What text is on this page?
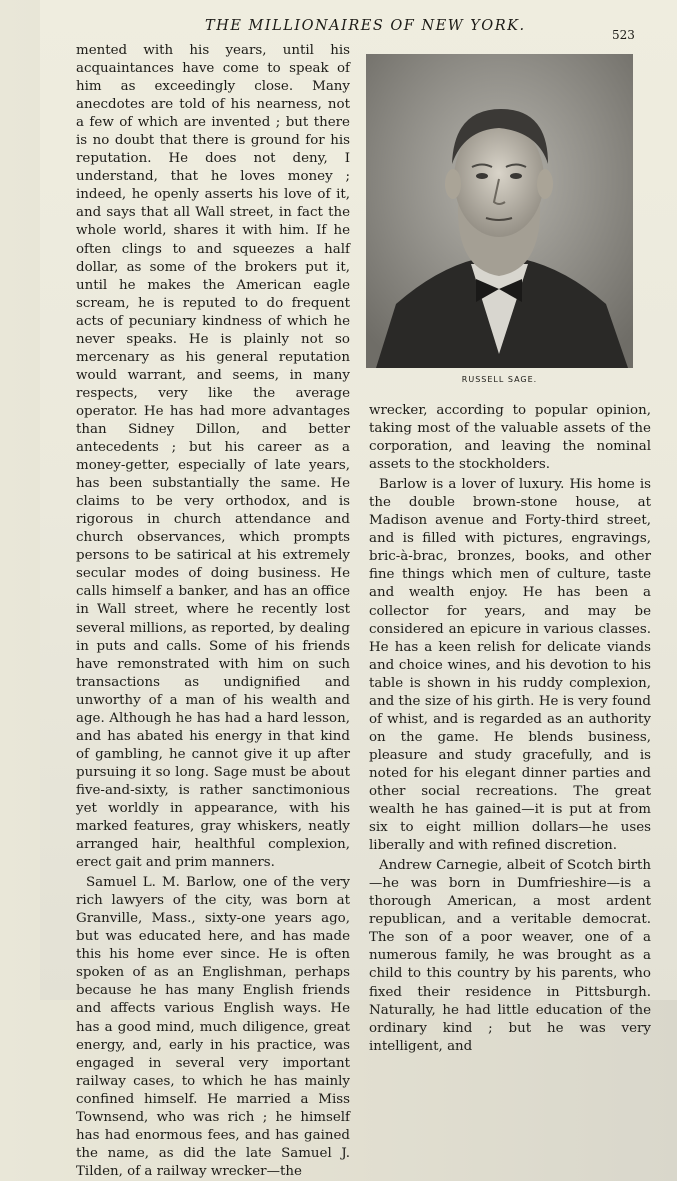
THE MILLIONAIRES OF NEW YORK.
523

mented with his years, until his acquaintances have come to speak of him as exceedingly close. Many anecdotes are told of his nearness, not a few of which are invented ; but there is no doubt that there is ground for his reputation. He does not deny, I understand, that he loves money ; indeed, he openly asserts his love of it, and says that all Wall street, in fact the whole world, shares it with him. If he often clings to and squeezes a half dollar, as some of the brokers put it, until he makes the American eagle scream, he is reputed to do frequent acts of pecuniary kindness of which he never speaks. He is plainly not so mercenary as his general reputation would warrant, and seems, in many respects, very like the average operator. He has had more advantages than Sidney Dillon, and better antecedents ; but his career as a money-getter, especially of late years, has been substantially the same. He claims to be very orthodox, and is rigorous in church attendance and church observances, which prompts persons to be satirical at his extremely secular modes of doing business. He calls himself a banker, and has an office in Wall street, where he recently lost several millions, as reported, by dealing in puts and calls. Some of his friends have remonstrated with him on such transactions as undignified and unworthy of a man of his wealth and age. Although he has had a hard lesson, and has abated his energy in that kind of gambling, he cannot give it up after pursuing it so long. Sage must be about five-and-sixty, is rather sanctimonious yet worldly in appearance, with his marked features, gray whiskers, neatly arranged hair, healthful complexion, erect gait and prim manners.

Samuel L. M. Barlow, one of the very rich lawyers of the city, was born at Granville, Mass., sixty-one years ago, but was educated here, and has made this his home ever since. He is often spoken of as an Englishman, perhaps because he has many English friends and affects various English ways. He has a good mind, much diligence, great energy, and, early in his practice, was engaged in several very important railway cases, to which he has mainly confined himself. He married a Miss Townsend, who was rich ; he himself has had enormous fees, and has gained the name, as did the late Samuel J. Tilden, of a railway wrecker—the

RUSSELL SAGE.

wrecker, according to popular opinion, taking most of the valuable assets of the corporation, and leaving the nominal assets to the stockholders.

Barlow is a lover of luxury. His home is the double brown-stone house, at Madison avenue and Forty-third street, and is filled with pictures, engravings, bric-à-brac, bronzes, books, and other fine things which men of culture, taste and wealth enjoy. He has been a collector for years, and may be considered an epicure in various classes. He has a keen relish for delicate viands and choice wines, and his devotion to his table is shown in his ruddy complexion, and the size of his girth. He is very found of whist, and is regarded as an authority on the game. He blends business, pleasure and study gracefully, and is noted for his elegant dinner parties and other social recreations. The great wealth he has gained—it is put at from six to eight million dollars—he uses liberally and with refined discretion.

Andrew Carnegie, albeit of Scotch birth—he was born in Dumfrieshire—is a thorough American, a most ardent republican, and a veritable democrat. The son of a poor weaver, one of a numerous family, he was brought as a child to this country by his parents, who fixed their residence in Pittsburgh. Naturally, he had little education of the ordinary kind ; but he was very intelligent, and
